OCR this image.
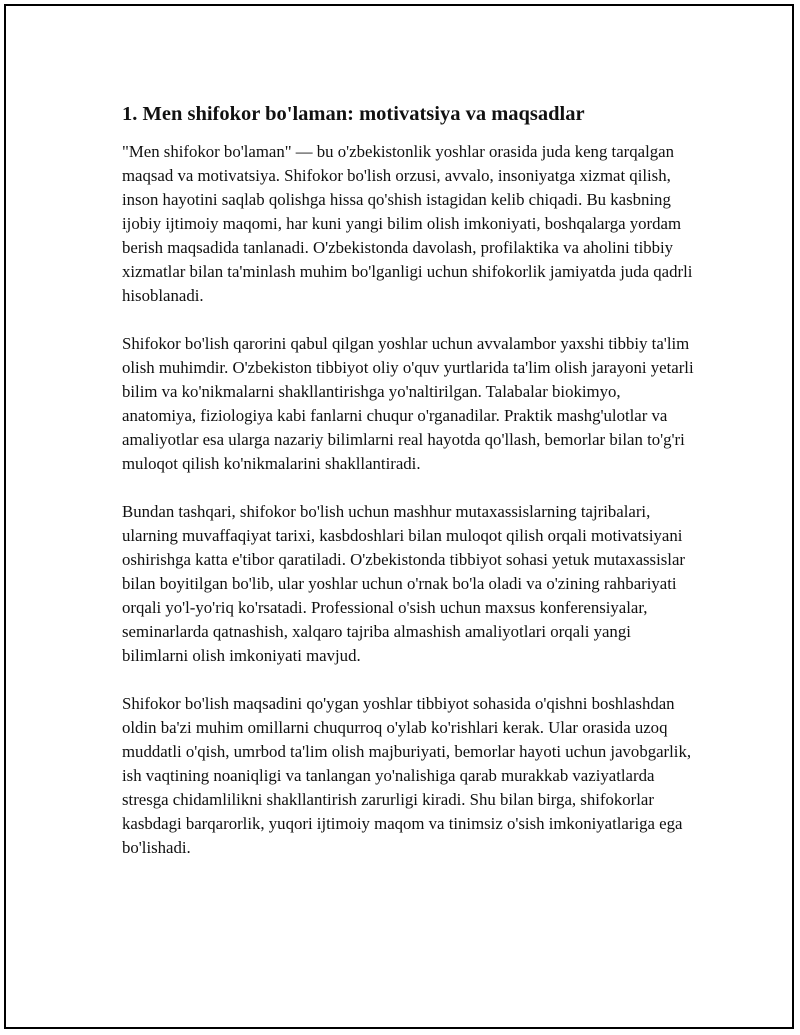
1. Men shifokor bo'laman: motivatsiya va maqsadlar

"Men shifokor bo'laman" — bu o'zbekistonlik yoshlar orasida juda keng tarqalgan maqsad va motivatsiya. Shifokor bo'lish orzusi, avvalo, insoniyatga xizmat qilish, inson hayotini saqlab qolishga hissa qo'shish istagidan kelib chiqadi. Bu kasbning ijobiy ijtimoiy maqomi, har kuni yangi bilim olish imkoniyati, boshqalarga yordam berish maqsadida tanlanadi. O'zbekistonda davolash, profilaktika va aholini tibbiy xizmatlar bilan ta'minlash muhim bo'lganligi uchun shifokorlik jamiyatda juda qadrli hisoblanadi.

Shifokor bo'lish qarorini qabul qilgan yoshlar uchun avvalambor yaxshi tibbiy ta'lim olish muhimdir. O'zbekiston tibbiyot oliy o'quv yurtlarida ta'lim olish jarayoni yetarli bilim va ko'nikmalarni shakllantirishga yo'naltirilgan. Talabalar biokimyo, anatomiya, fiziologiya kabi fanlarni chuqur o'rganadilar. Praktik mashg'ulotlar va amaliyotlar esa ularga nazariy bilimlarni real hayotda qo'llash, bemorlar bilan to'g'ri muloqot qilish ko'nikmalarini shakllantiradi.

Bundan tashqari, shifokor bo'lish uchun mashhur mutaxassislarning tajribalari, ularning muvaffaqiyat tarixi, kasbdoshlari bilan muloqot qilish orqali motivatsiyani oshirishga katta e'tibor qaratiladi. O'zbekistonda tibbiyot sohasi yetuk mutaxassislar bilan boyitilgan bo'lib, ular yoshlar uchun o'rnak bo'la oladi va o'zining rahbariyati orqali yo'l-yo'riq ko'rsatadi. Professional o'sish uchun maxsus konferensiyalar, seminarlarda qatnashish, xalqaro tajriba almashish amaliyotlari orqali yangi bilimlarni olish imkoniyati mavjud.

Shifokor bo'lish maqsadini qo'ygan yoshlar tibbiyot sohasida o'qishni boshlashdan oldin ba'zi muhim omillarni chuqurroq o'ylab ko'rishlari kerak. Ular orasida uzoq muddatli o'qish, umrbod ta'lim olish majburiyati, bemorlar hayoti uchun javobgarlik, ish vaqtining noaniqligi va tanlangan yo'nalishiga qarab murakkab vaziyatlarda stresga chidamlilikni shakllantirish zarurligi kiradi. Shu bilan birga, shifokorlar kasbdagi barqarorlik, yuqori ijtimoiy maqom va tinimsiz o'sish imkoniyatlariga ega bo'lishadi.
